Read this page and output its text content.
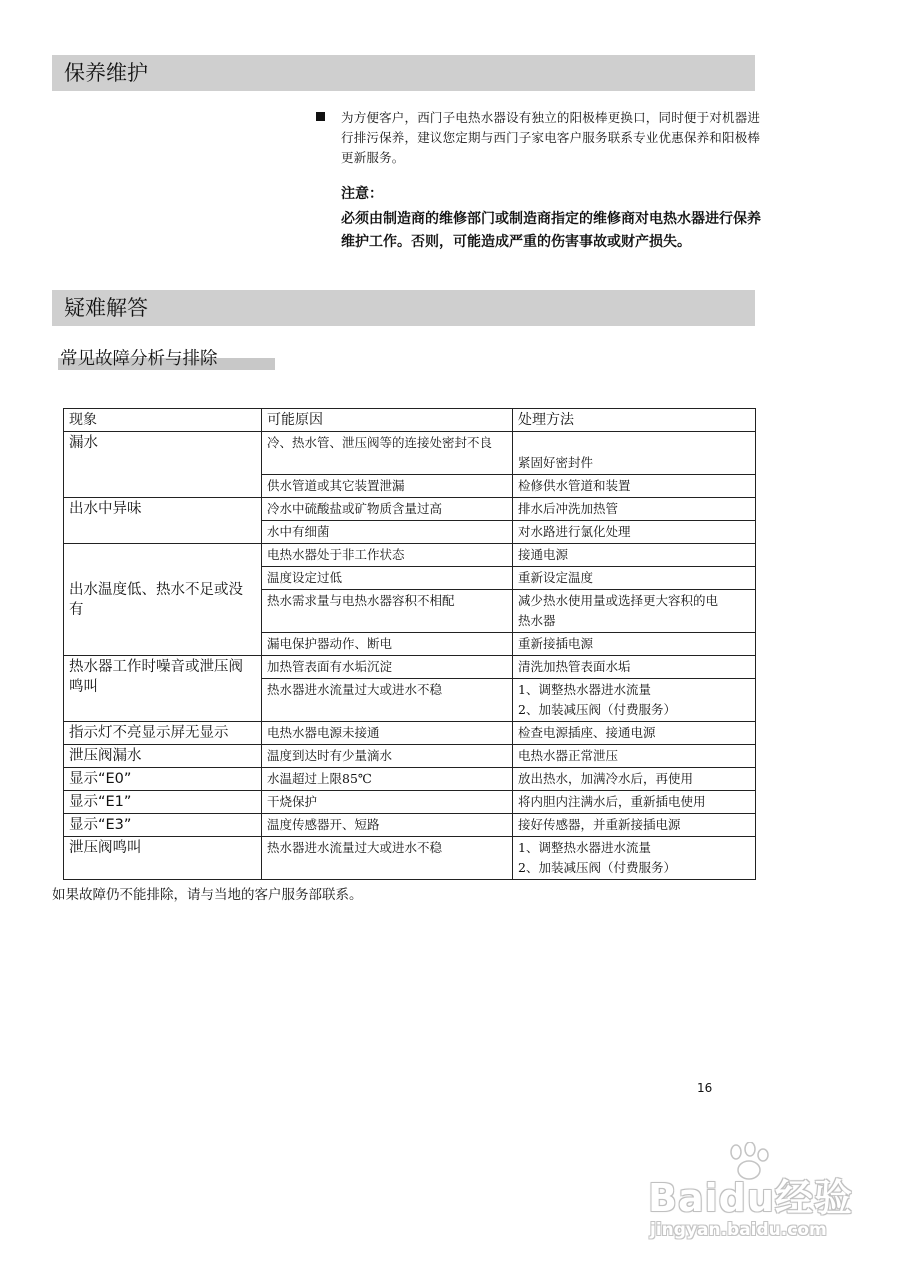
保养维护
为方便客户，西门子电热水器设有独立的阳极棒更换口，同时便于对机器进行排污保养，建议您定期与西门子家电客户服务联系专业优惠保养和阳极棒更新服务。
注意：
必须由制造商的维修部门或制造商指定的维修商对电热水器进行保养维护工作。否则，可能造成严重的伤害事故或财产损失。
疑难解答
常见故障分析与排除
现象	可能原因	处理方法
漏水	冷、热水管、泄压阀等的连接处密封不良	紧固好密封件

	供水管道或其它装置泄漏	检修供水管道和装置

出水中异味	冷水中硫酸盐或矿物质含量过高	排水后冲洗加热管

	水中有细菌	对水路进行氯化处理

出水温度低、热水不足或没有	电热水器处于非工作状态	接通电源

	温度设定过低	重新设定温度

	热水需求量与电热水器容积不相配	减少热水使用量或选择更大容积的电
热水器

	漏电保护器动作、断电	重新接插电源

热水器工作时噪音或泄压阀鸣叫	加热管表面有水垢沉淀	清洗加热管表面水垢

	热水器进水流量过大或进水不稳	1、调整热水器进水流量
2、加装减压阀（付费服务）

指示灯不亮显示屏无显示	电热水器电源未接通	检查电源插座、接通电源

泄压阀漏水	温度到达时有少量滴水	电热水器正常泄压

显示“E0”	水温超过上限85℃	放出热水，加满冷水后，再使用

显示“E1”	干烧保护	将内胆内注满水后，重新插电使用

显示“E3”	温度传感器开、短路	接好传感器，并重新接插电源

泄压阀鸣叫	热水器进水流量过大或进水不稳	1、调整热水器进水流量
2、加装减压阀（付费服务）
如果故障仍不能排除，请与当地的客户服务部联系。
16
Baidu经验
jingyan.baidu.com
